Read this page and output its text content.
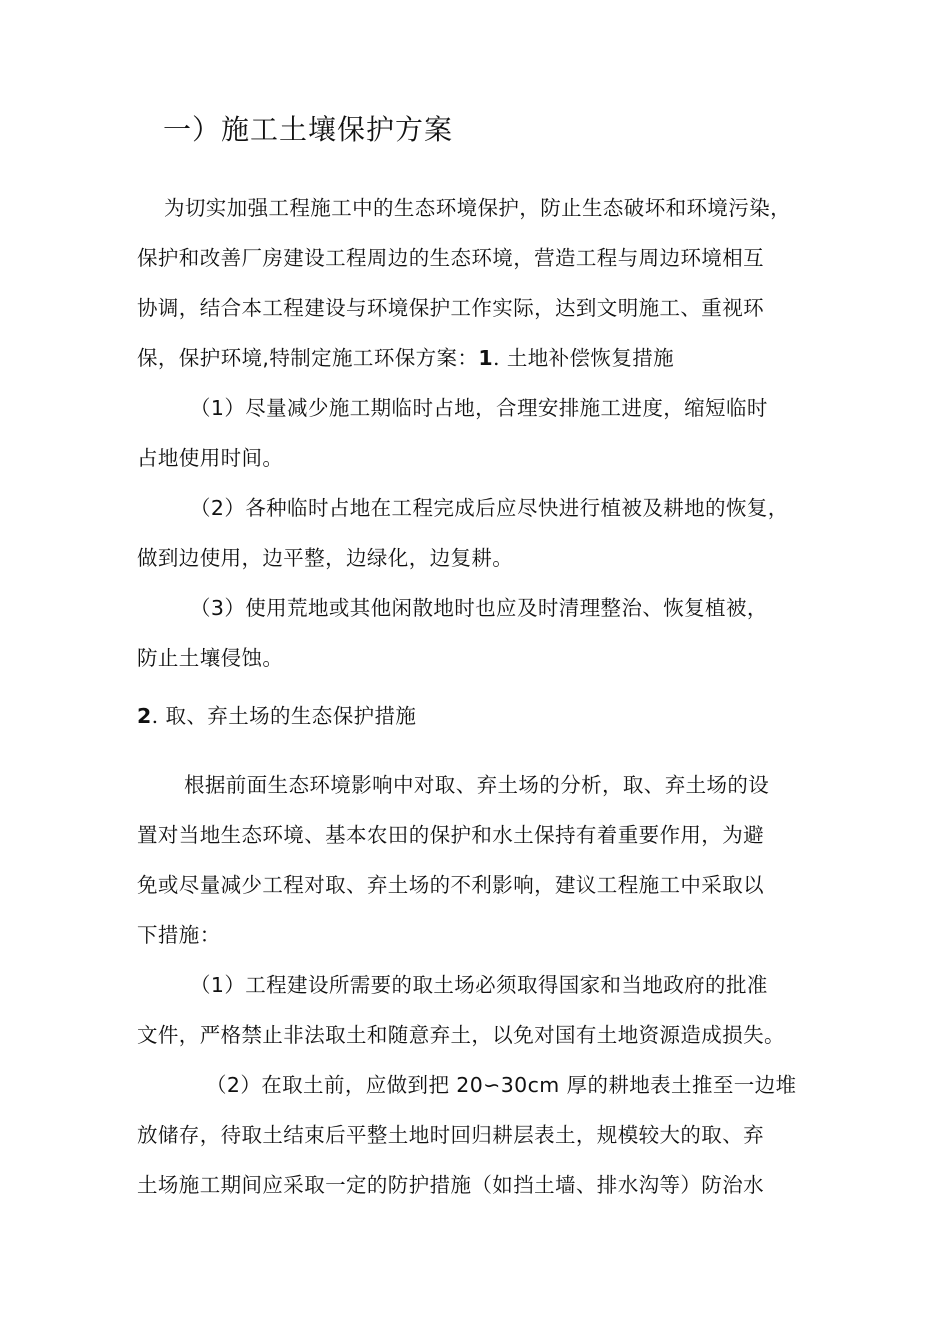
一）施工土壤保护方案
为切实加强工程施工中的生态环境保护，防止生态破坏和环境污染，
保护和改善厂房建设工程周边的生态环境，营造工程与周边环境相互
协调，结合本工程建设与环境保护工作实际，达到文明施工、重视环
保，保护环境,特制定施工环保方案：1. 土地补偿恢复措施
（1）尽量减少施工期临时占地，合理安排施工进度，缩短临时
占地使用时间。
（2）各种临时占地在工程完成后应尽快进行植被及耕地的恢复，
做到边使用，边平整，边绿化，边复耕。
（3）使用荒地或其他闲散地时也应及时清理整治、恢复植被，
防止土壤侵蚀。
2. 取、弃土场的生态保护措施
根据前面生态环境影响中对取、弃土场的分析，取、弃土场的设
置对当地生态环境、基本农田的保护和水土保持有着重要作用，为避
免或尽量减少工程对取、弃土场的不利影响，建议工程施工中采取以
下措施：
（1）工程建设所需要的取土场必须取得国家和当地政府的批准
文件，严格禁止非法取土和随意弃土，以免对国有土地资源造成损失。
（2）在取土前，应做到把 20∽30cm 厚的耕地表土推至一边堆
放储存，待取土结束后平整土地时回归耕层表土，规模较大的取、弃
土场施工期间应采取一定的防护措施（如挡土墙、排水沟等）防治水
